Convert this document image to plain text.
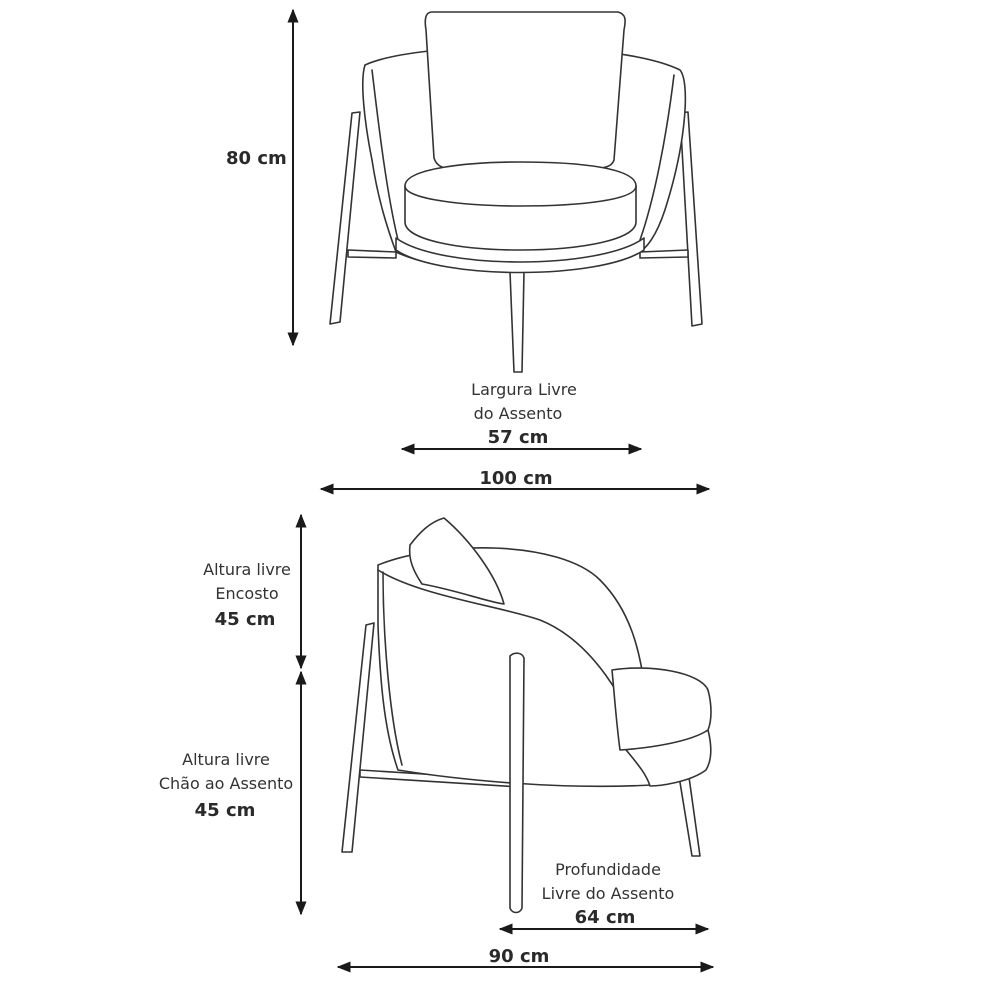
80 cm
Largura Livre
do Assento
57 cm
100 cm
Altura livre
Encosto
45 cm
Altura livre
Chão ao Assento
45 cm
Profundidade
Livre do Assento
64 cm
90 cm
